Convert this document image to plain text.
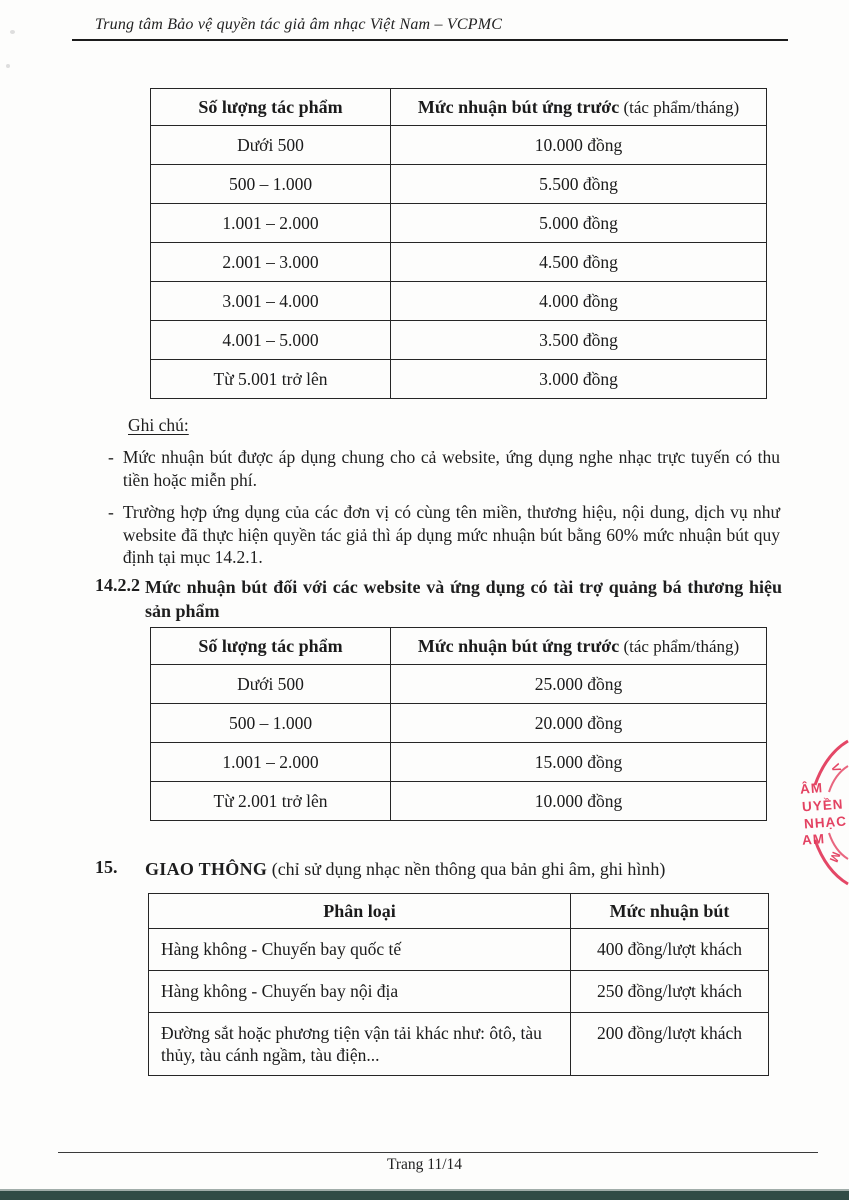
Trung tâm Bảo vệ quyền tác giả âm nhạc Việt Nam – VCPMC
Số lượng tác phẩm	Mức nhuận bút ứng trước (tác phẩm/tháng)
Dưới 500	10.000 đồng
500 – 1.000	5.500 đồng
1.001 – 2.000	5.000 đồng
2.001 – 3.000	4.500 đồng
3.001 – 4.000	4.000 đồng
4.001 – 5.000	3.500 đồng
Từ 5.001 trở lên	3.000 đồng
Ghi chú:
- Mức nhuận bút được áp dụng chung cho cả website, ứng dụng nghe nhạc trực tuyến có thu tiền hoặc miễn phí.
- Trường hợp ứng dụng của các đơn vị có cùng tên miền, thương hiệu, nội dung, dịch vụ như website đã thực hiện quyền tác giả thì áp dụng mức nhuận bút bằng 60% mức nhuận bút quy định tại mục 14.2.1.
14.2.2 Mức nhuận bút đối với các website và ứng dụng có tài trợ quảng bá thương hiệu sản phẩm
Số lượng tác phẩm	Mức nhuận bút ứng trước (tác phẩm/tháng)
Dưới 500	25.000 đồng
500 – 1.000	20.000 đồng
1.001 – 2.000	15.000 đồng
Từ 2.001 trở lên	10.000 đồng
15.	GIAO THÔNG (chỉ sử dụng nhạc nền thông qua bản ghi âm, ghi hình)
Phân loại	Mức nhuận bút
Hàng không - Chuyến bay quốc tế	400 đồng/lượt khách
Hàng không - Chuyến bay nội địa	250 đồng/lượt khách
Đường sắt hoặc phương tiện vận tải khác như: ôtô, tàu thủy, tàu cánh ngầm, tàu điện...	200 đồng/lượt khách
V
M
ÂM
UYỀN
NHẠC
AM
Trang 11/14
